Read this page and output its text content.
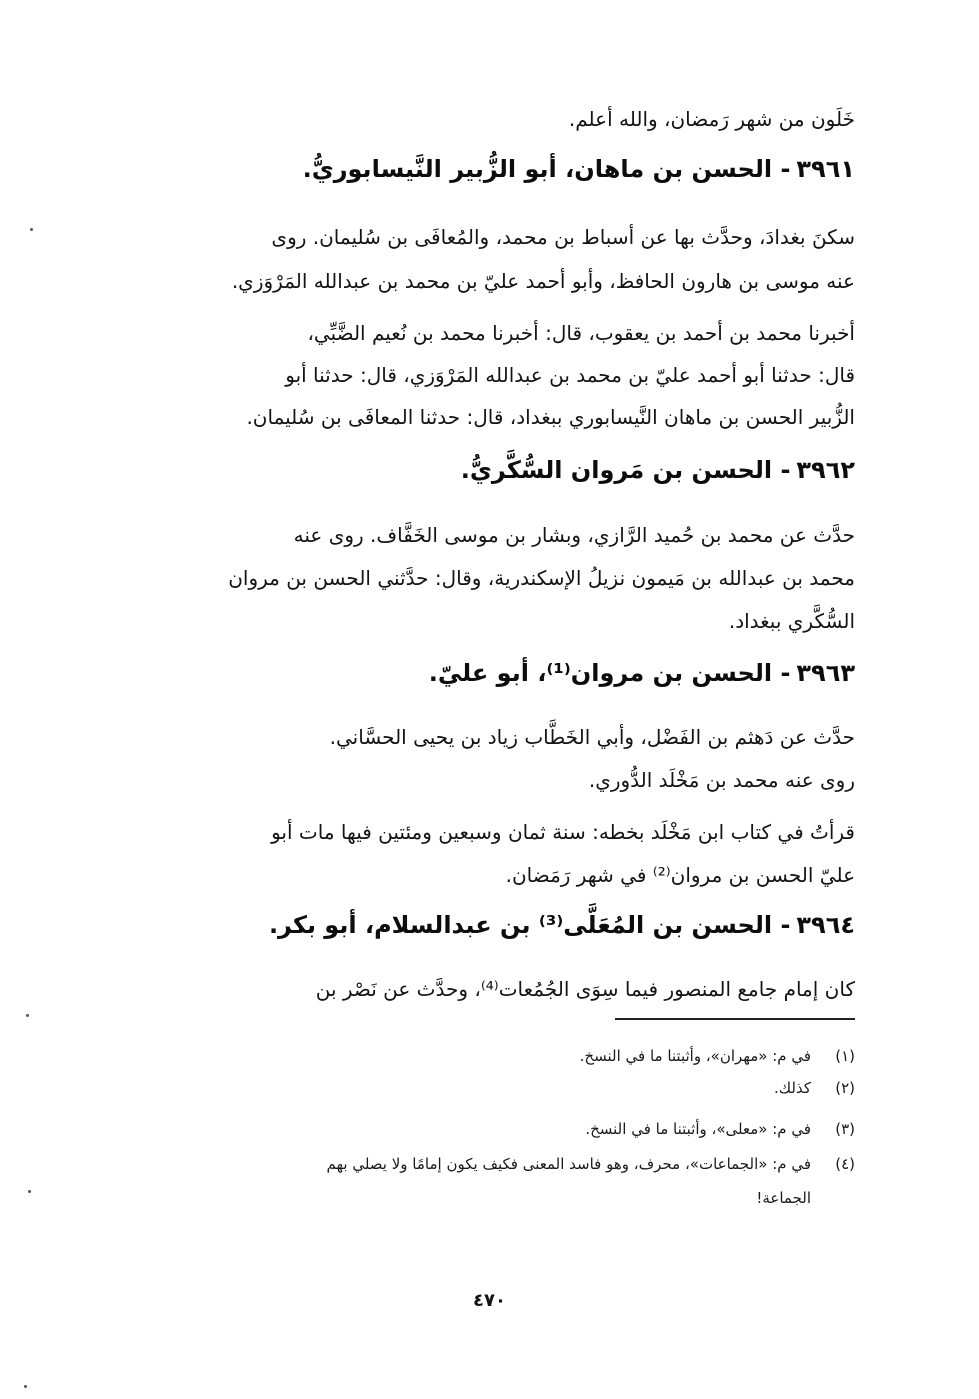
خَلَون من شهر رَمضان، والله أعلم.
٣٩٦١- الحسن بن ماهان، أبو الزُّبير النَّيسابوريُّ.
سكنَ بغدادَ، وحدَّث بها عن أسباط بن محمد، والمُعافَى بن سُليمان. روى
عنه موسى بن هارون الحافظ، وأبو أحمد عليّ بن محمد بن عبدالله المَرْوَزي.
أخبرنا محمد بن أحمد بن يعقوب، قال: أخبرنا محمد بن نُعيم الضَّبِّي،
قال: حدثنا أبو أحمد عليّ بن محمد بن عبدالله المَرْوَزي، قال: حدثنا أبو
الزُّبير الحسن بن ماهان النَّيسابوري ببغداد، قال: حدثنا المعافَى بن سُليمان.
٣٩٦٢- الحسن بن مَروان السُّكَّريُّ.
حدَّث عن محمد بن حُميد الرَّازي، وبشار بن موسى الخَفَّاف. روى عنه
محمد بن عبدالله بن مَيمون نزيلُ الإسكندرية، وقال: حدَّثني الحسن بن مروان
السُّكَّري ببغداد.
٣٩٦٣- الحسن بن مروان⁽¹⁾، أبو عليّ.
حدَّث عن دَهثم بن الفَضْل، وأبي الخَطَّاب زياد بن يحيى الحسَّاني.
روى عنه محمد بن مَخْلَد الدُّوري.
قرأتُ في كتاب ابن مَخْلَد بخطه: سنة ثمان وسبعين ومئتين فيها مات أبو
عليّ الحسن بن مروان⁽²⁾ في شهر رَمَضان.
٣٩٦٤- الحسن بن المُعَلَّى⁽³⁾ بن عبدالسلام، أبو بكر.
كان إمام جامع المنصور فيما سِوَى الجُمُعات⁽⁴⁾، وحدَّث عن نَصْر بن
(١)في م: «مهران»، وأثبتنا ما في النسخ.
(٢)كذلك.
(٣)في م: «معلى»، وأثبتنا ما في النسخ.
(٤)في م: «الجماعات»، محرف، وهو فاسد المعنى فكيف يكون إمامًا ولا يصلي بهم
الجماعة!
٤٧٠
